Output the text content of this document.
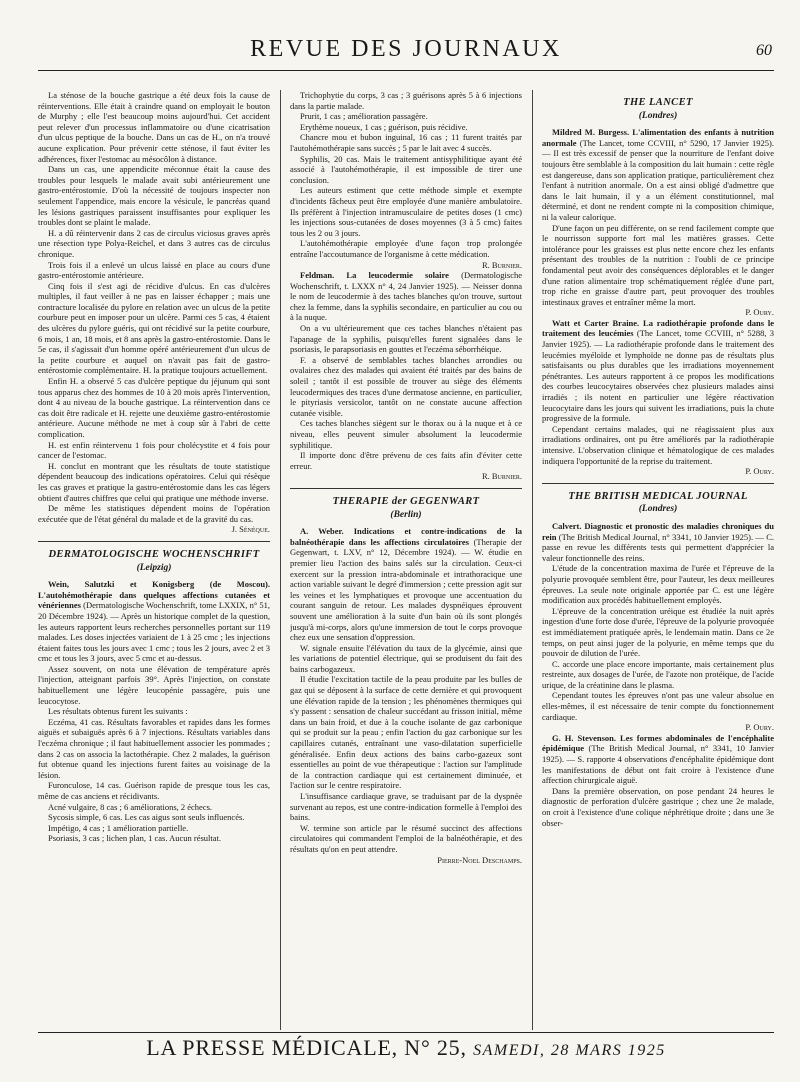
REVUE DES JOURNAUX	60

La sténose de la bouche gastrique a été deux fois la cause de réinterventions. Elle était à craindre quand on employait le bouton de Murphy ; elle l'est beaucoup moins aujourd'hui. Cet accident peut relever d'un processus inflammatoire ou d'une cicatrisation d'un ulcus peptique de la bouche. Dans un cas de H., on n'a trouvé aucune explication. Pour prévenir cette sténose, il faut éviter les adhérences, fixer l'estomac au mésocôlon à distance.

Dans un cas, une appendicite méconnue était la cause des troubles pour lesquels le malade avait subi antérieurement une gastro-entérostomie. D'où la nécessité de toujours inspecter non seulement l'appendice, mais encore la vésicule, le pancréas quand les lésions gastriques paraissent insuffisantes pour expliquer les troubles dont se plaint le malade.

H. a dû réintervenir dans 2 cas de circulus viciosus graves après une résection type Polya-Reichel, et dans 3 autres cas de circulus chronique.

Trois fois il a enlevé un ulcus laissé en place au cours d'une gastro-entérostomie antérieure.

Cinq fois il s'est agi de récidive d'ulcus. En cas d'ulcères multiples, il faut veiller à ne pas en laisser échapper ; mais une contracture localisée du pylore en relation avec un ulcus de la petite courbure peut en imposer pour un ulcère. Parmi ces 5 cas, 4 étaient des ulcères du pylore guéris, qui ont récidivé sur la petite courbure, 6 mois, 1 an, 18 mois, et 8 ans après la gastro-entérostomie. Dans le 5e cas, il s'agissait d'un homme opéré antérieurement d'un ulcus de la petite courbure et auquel on n'avait pas fait de gastro-entérostomie complémentaire. H. la pratique toujours actuellement.

Enfin H. a observé 5 cas d'ulcère peptique du jéjunum qui sont tous apparus chez des hommes de 10 à 20 mois après l'intervention, dont 4 au niveau de la bouche gastrique. La réintervention dans ce cas doit être radicale et H. rejette une deuxième gastro-entérostomie antérieure. Aucune méthode ne met à coup sûr à l'abri de cette complication.

H. est enfin réintervenu 1 fois pour cholécystite et 4 fois pour cancer de l'estomac.

H. conclut en montrant que les résultats de toute statistique dépendent beaucoup des indications opératoires. Celui qui résèque les cas graves et pratique la gastro-entérostomie dans les cas légers obtient d'autres chiffres que celui qui pratique une méthode inverse.

De même les statistiques dépendent moins de l'opération exécutée que de l'état général du malade et de la gravité du cas.

J. Sénèque.

DERMATOLOGISCHE WOCHENSCHRIFT
(Leipzig)

Wein, Salutzki et Konigsberg (de Moscou). L'autohémothérapie dans quelques affections cutanées et vénériennes (Dermatologische Wochenschrift, tome LXXIX, n° 51, 20 Décembre 1924). — Après un historique complet de la question, les auteurs rapportent leurs recherches personnelles portant sur 119 malades. Les doses injectées variaient de 1 à 25 cmc ; les injections étaient faites tous les jours avec 1 cmc ; tous les 2 jours, avec 2 et 3 cmc et tous les 3 jours, avec 5 cmc et au-dessus.

Assez souvent, on nota une élévation de température après l'injection, atteignant parfois 39°. Après l'injection, on constate habituellement une légère leucopénie passagère, puis une leucocytose.

Les résultats obtenus furent les suivants :

Eczéma, 41 cas. Résultats favorables et rapides dans les formes aiguës et subaiguës après 6 à 7 injections. Résultats variables dans l'eczéma chronique ; il faut habituellement associer les pommades ; dans 2 cas on associa la lactothérapie. Chez 2 malades, la guérison fut obtenue quand les injections furent faites au voisinage de la lésion.

Furonculose, 14 cas. Guérison rapide de presque tous les cas, même de cas anciens et récidivants.

Acné vulgaire, 8 cas ; 6 améliorations, 2 échecs.

Sycosis simple, 6 cas. Les cas aigus sont seuls influencés.

Impétigo, 4 cas ; 1 amélioration partielle.

Psoriasis, 3 cas ; lichen plan, 1 cas. Aucun résultat.

Trichophytie du corps, 3 cas ; 3 guérisons après 5 à 6 injections dans la partie malade.

Prurit, 1 cas ; amélioration passagère.

Erythème noueux, 1 cas ; guérison, puis récidive.

Chancre mou et bubon inguinal, 16 cas ; 11 furent traités par l'autohémothérapie sans succès ; 5 par le lait avec 4 succès.

Syphilis, 20 cas. Mais le traitement antisyphilitique ayant été associé à l'autohémothérapie, il est impossible de tirer une conclusion.

Les auteurs estiment que cette méthode simple et exempte d'incidents fâcheux peut être employée d'une manière ambulatoire. Ils préfèrent à l'injection intramusculaire de petites doses (1 cmc) les injections sous-cutanées de doses moyennes (3 à 5 cmc) faites tous les 2 ou 3 jours.

L'autohémothérapie employée d'une façon trop prolongée entraîne l'accoutumance de l'organisme à cette médication.

R. Burnier.

Feldman. La leucodermie solaire (Dermatologische Wochenschrift, t. LXXX n° 4, 24 Janvier 1925). — Neisser donna le nom de leucodermie à des taches blanches qu'on trouve, surtout chez la femme, dans la syphilis secondaire, en particulier au cou ou à la nuque.

On a vu ultérieurement que ces taches blanches n'étaient pas l'apanage de la syphilis, puisqu'elles furent signalées dans le psoriasis, le parapsoriasis en gouttes et l'eczéma séborrhéique.

F. a observé de semblables taches blanches arrondies ou ovalaires chez des malades qui avaient été traités par des bains de soleil ; tantôt il est possible de trouver au siège des éléments leucodermiques des traces d'une dermatose ancienne, en particulier, le pityriasis versicolor, tantôt on ne constate aucune affection cutanée visible.

Ces taches blanches siègent sur le thorax ou à la nuque et à ce niveau, elles peuvent simuler absolument la leucodermie syphilitique.

Il importe donc d'être prévenu de ces faits afin d'éviter cette erreur.

R. Burnier.

THERAPIE der GEGENWART
(Berlin)

A. Weber. Indications et contre-indications de la balnéothérapie dans les affections circulatoires (Therapie der Gegenwart, t. LXV, n° 12, Décembre 1924). — W. étudie en premier lieu l'action des bains salés sur la circulation. Ceux-ci exercent sur la pression intra-abdominale et intrathoracique une action variable suivant le degré d'immersion ; cette pression agit sur les veines et les lymphatiques et provoque une accentuation du courant sanguin de retour. Les malades dyspnéiques éprouvent souvent une amélioration à la suite d'un bain où ils sont plongés jusqu'à mi-corps, alors qu'une immersion de tout le corps provoque chez eux une sensation d'oppression.

W. signale ensuite l'élévation du taux de la glycémie, ainsi que les variations de potentiel électrique, qui se produisent du fait des bains carbogazeux.

Il étudie l'excitation tactile de la peau produite par les bulles de gaz qui se déposent à la surface de cette dernière et qui provoquent une élévation rapide de la tension ; les phénomènes thermiques qui s'y passent : sensation de chaleur succédant au frisson initial, même dans un bain froid, et due à la couche isolante de gaz carbonique qui se produit sur la peau ; enfin l'action du gaz carbonique sur les capillaires cutanés, entraînant une vaso-dilatation superficielle généralisée. Enfin deux actions des bains carbo-gazeux sont essentielles au point de vue thérapeutique : l'action sur l'amplitude de la contraction cardiaque qui est certainement diminuée, et l'action sur le centre respiratoire.

L'insuffisance cardiaque grave, se traduisant par de la dyspnée survenant au repos, est une contre-indication formelle à l'emploi des bains.

W. termine son article par le résumé succinct des affections circulatoires qui commandent l'emploi de la balnéothérapie, et des résultats qu'on en peut attendre.

Pierre-Noel Deschamps.

THE LANCET
(Londres)

Mildred M. Burgess. L'alimentation des enfants à nutrition anormale (The Lancet, tome CCVIII, n° 5290, 17 Janvier 1925). — Il est très excessif de penser que la nourriture de l'enfant doive toujours être semblable à la composition du lait humain : cette règle est dangereuse, dans son application pratique, particulièrement chez l'enfant à nutrition anormale. On a est ainsi obligé d'admettre que dans le lait humain, il y a un élément constitutionnel, mal déterminé, et dont ne rendent compte ni la composition chimique, ni la valeur calorique.

D'une façon un peu différente, on se rend facilement compte que le nourrisson supporte fort mal les matières grasses. Cette intolérance pour les graisses est plus nette encore chez les enfants présentant des troubles de la nutrition : l'oubli de ce principe fondamental peut avoir des conséquences déplorables et le danger d'une ration alimentaire trop schématiquement réglée d'une part, trop riche en graisse d'autre part, peut provoquer des troubles intestinaux graves et entraîner même la mort.

P. Oury.

Watt et Carter Braine. La radiothérapie profonde dans le traitement des leucémies (The Lancet, tome CCVIII, n° 5288, 3 Janvier 1925). — La radiothérapie profonde dans le traitement des leucémies myéloïde et lymphoïde ne donne pas de résultats plus satisfaisants ou plus durables que les irradiations moyennement pénétrantes. Les auteurs rapportent à ce propos les modifications des courbes leucocytaires observées chez plusieurs malades ainsi irradiés ; ils notent en particulier une légère réactivation leucocytaire dans les jours qui suivent les irradiations, puis la chute progressive de la formule.

Cependant certains malades, qui ne réagissaient plus aux irradiations ordinaires, ont pu être améliorés par la radiothérapie intensive. L'observation clinique et hématologique de ces malades indiquera l'opportunité de la reprise du traitement.

P. Oury.

THE BRITISH MEDICAL JOURNAL
(Londres)

Calvert. Diagnostic et pronostic des maladies chroniques du rein (The British Medical Journal, n° 3341, 10 Janvier 1925). — C. passe en revue les différents tests qui permettent d'apprécier la valeur fonctionnelle des reins.

L'étude de la concentration maxima de l'urée et l'épreuve de la polyurie provoquée semblent être, pour l'auteur, les deux meilleures épreuves. La seule note originale apportée par C. est une légère modification aux procédés habituellement employés.

L'épreuve de la concentration uréique est étudiée la nuit après ingestion d'une forte dose d'urée, l'épreuve de la polyurie provoquée est immédiatement pratiquée après, le lendemain matin. Dans ce 2e temps, on peut ainsi juger de la polyurie, en même temps que du pouvoir de dilution de l'urée.

C. accorde une place encore importante, mais certainement plus restreinte, aux dosages de l'urée, de l'azote non protéique, de l'acide urique, de la créatinine dans le plasma.

Cependant toutes les épreuves n'ont pas une valeur absolue en elles-mêmes, il est nécessaire de tenir compte du fonctionnement cardiaque.

P. Oury.

G. H. Stevenson. Les formes abdominales de l'encéphalite épidémique (The British Medical Journal, n° 3341, 10 Janvier 1925). — S. rapporte 4 observations d'encéphalite épidémique dont les manifestations de début ont fait croire à l'existence d'une affection chirurgicale aiguë.

Dans la première observation, on pose pendant 24 heures le diagnostic de perforation d'ulcère gastrique ; chez une 2e malade, on croit à l'existence d'une colique néphrétique droite ; dans une 3e obser-

LA PRESSE MÉDICALE, N° 25, SAMEDI, 28 MARS 1925
